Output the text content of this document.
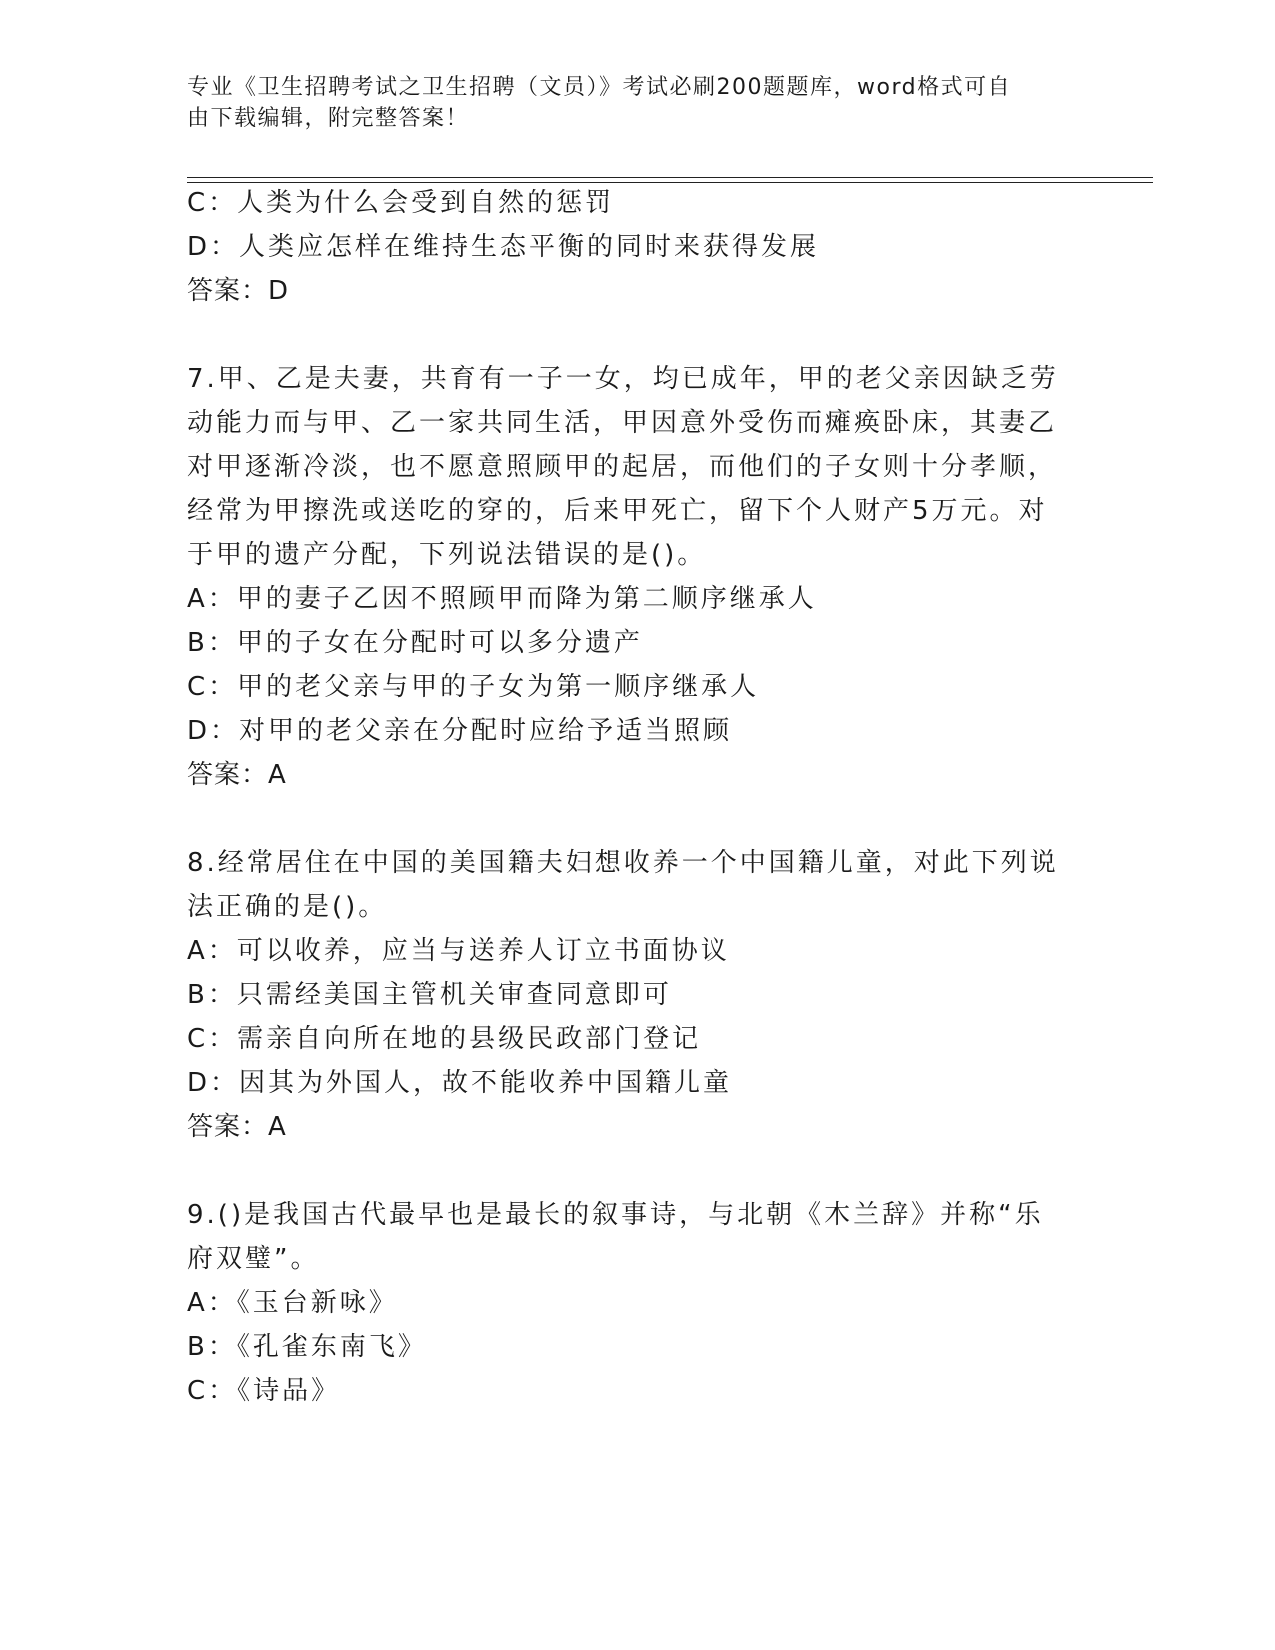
专业《卫生招聘考试之卫生招聘（文员）》考试必刷200题题库，word格式可自
由下载编辑，附完整答案！
C：人类为什么会受到自然的惩罚
D：人类应怎样在维持生态平衡的同时来获得发展
答案：D
7.甲、乙是夫妻，共育有一子一女，均已成年，甲的老父亲因缺乏劳
动能力而与甲、乙一家共同生活，甲因意外受伤而瘫痪卧床，其妻乙
对甲逐渐冷淡，也不愿意照顾甲的起居，而他们的子女则十分孝顺，
经常为甲擦洗或送吃的穿的，后来甲死亡，留下个人财产5万元。对
于甲的遗产分配，下列说法错误的是()。
A：甲的妻子乙因不照顾甲而降为第二顺序继承人
B：甲的子女在分配时可以多分遗产
C：甲的老父亲与甲的子女为第一顺序继承人
D：对甲的老父亲在分配时应给予适当照顾
答案：A
8.经常居住在中国的美国籍夫妇想收养一个中国籍儿童，对此下列说
法正确的是()。
A：可以收养，应当与送养人订立书面协议
B：只需经美国主管机关审查同意即可
C：需亲自向所在地的县级民政部门登记
D：因其为外国人，故不能收养中国籍儿童
答案：A
9.()是我国古代最早也是最长的叙事诗，与北朝《木兰辞》并称“乐
府双璧”。
A：《玉台新咏》
B：《孔雀东南飞》
C：《诗品》
